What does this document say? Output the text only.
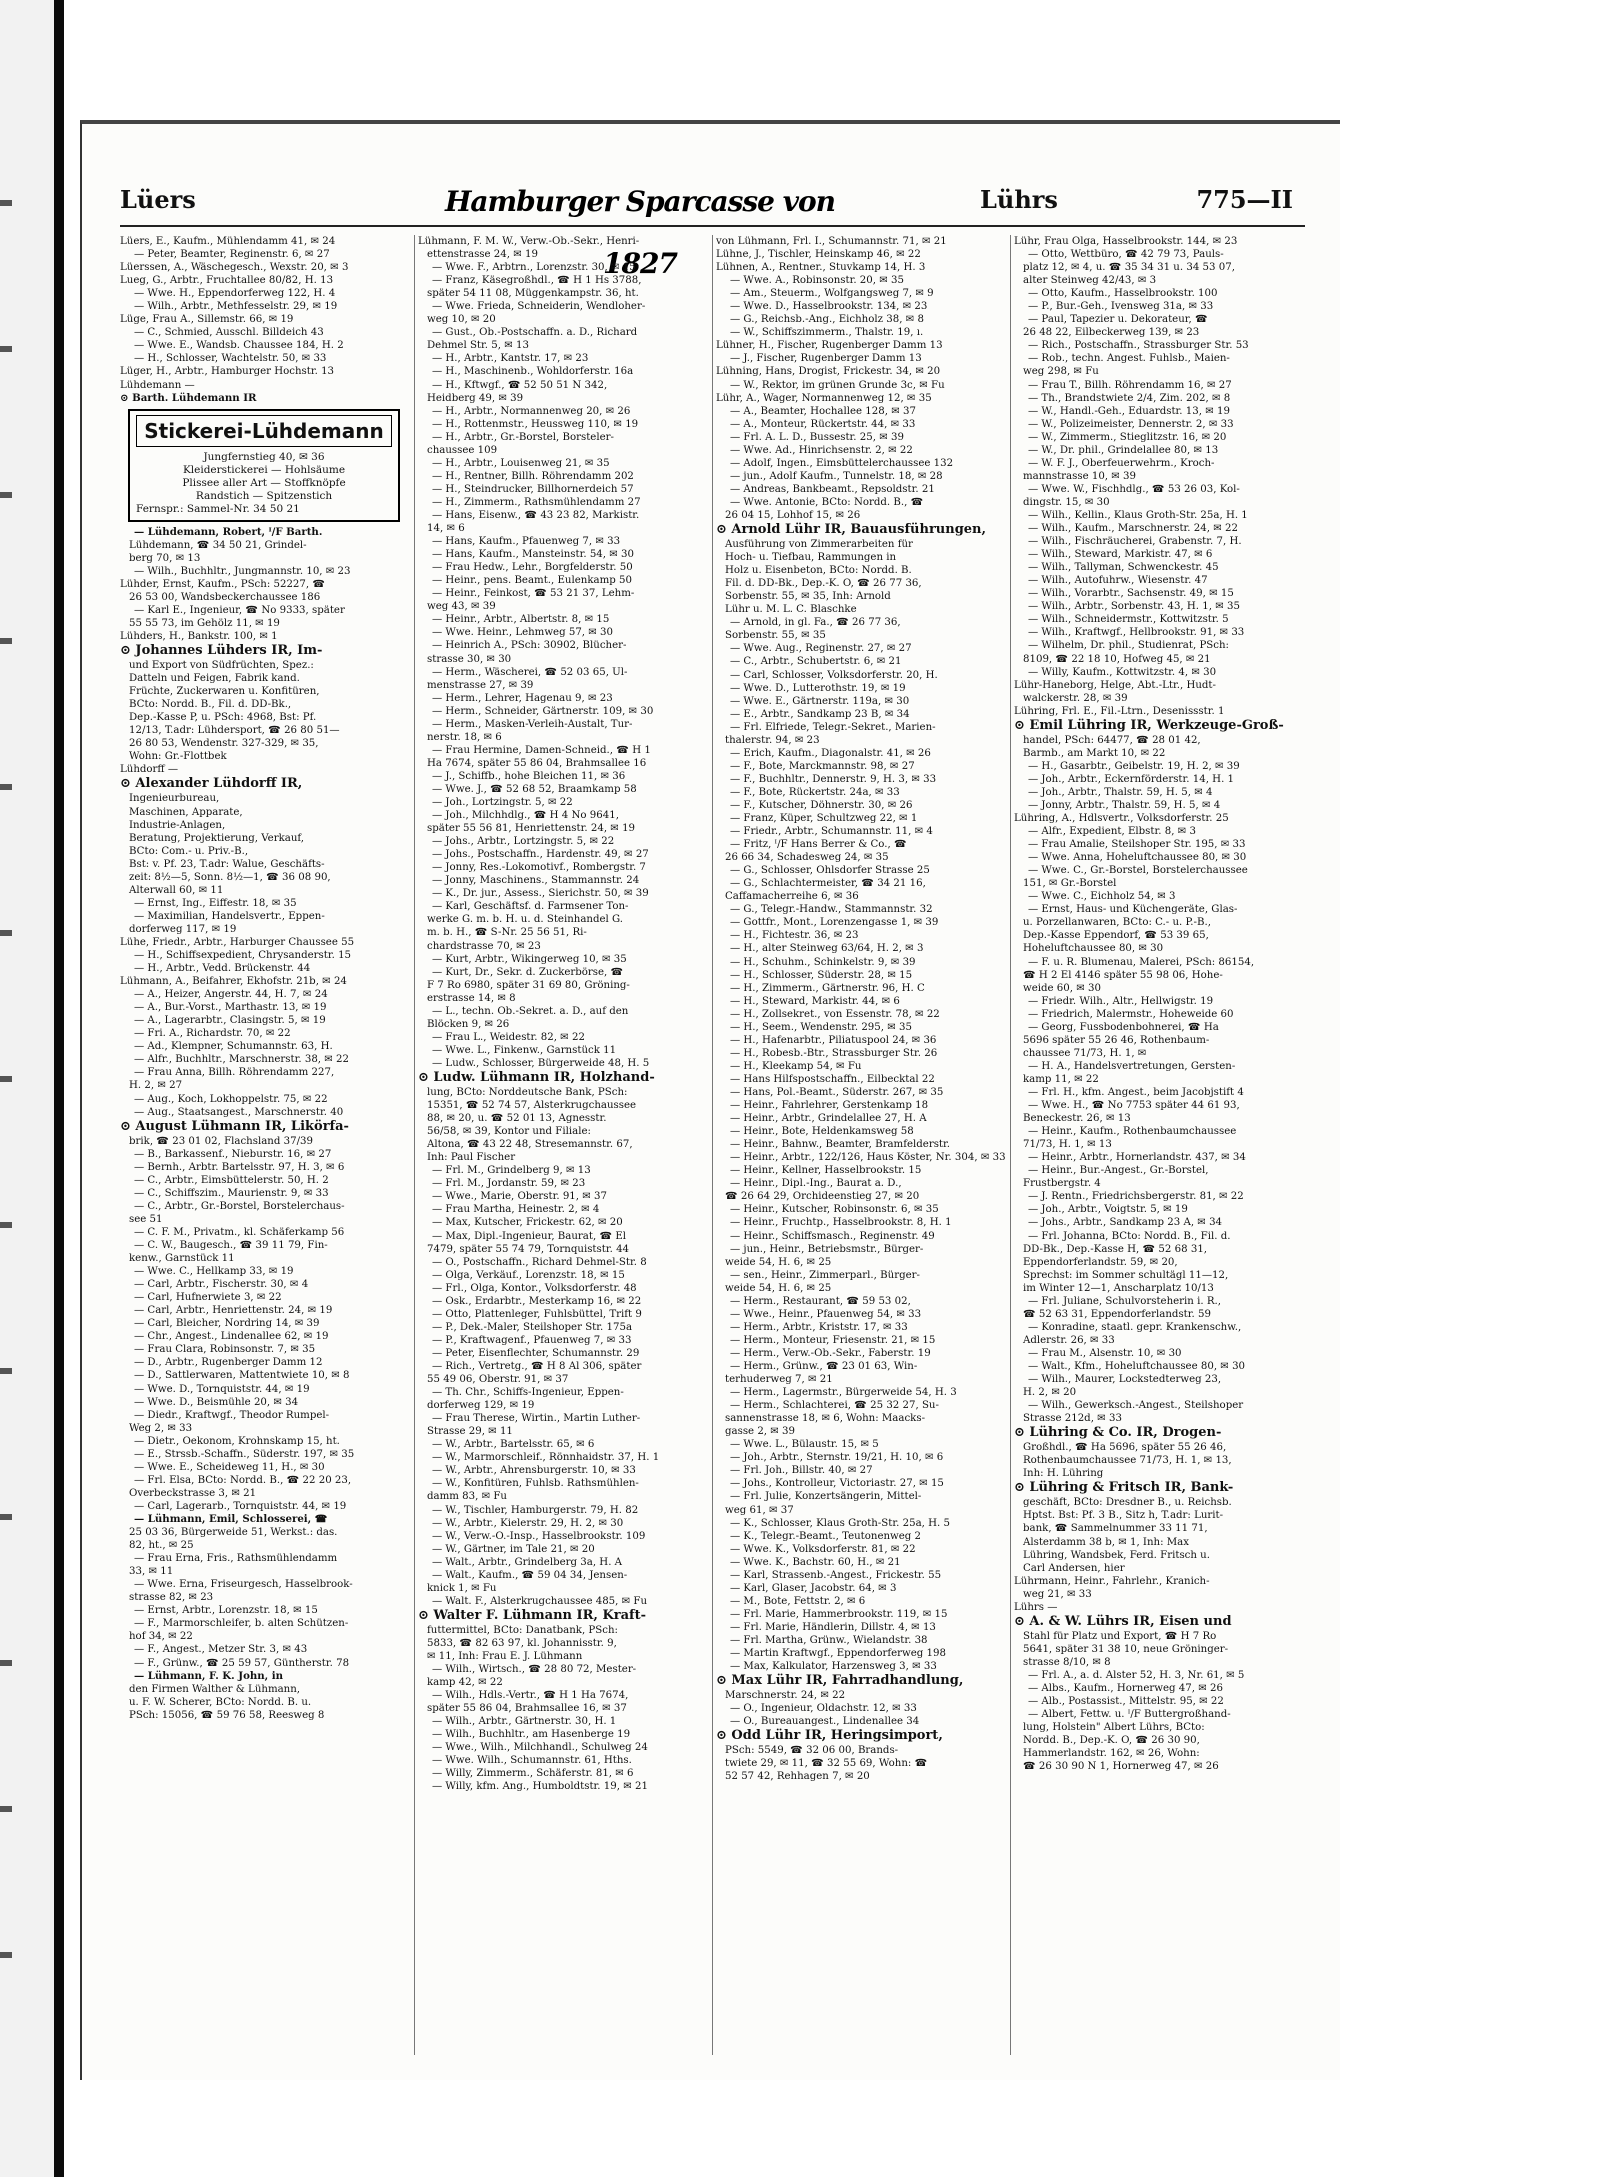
Lüers	Hamburger Sparcasse von 1827
Lührs	775—II
Lüers, E., Kaufm., Mühlendamm 41, ✉ 24
— Peter, Beamter, Reginenstr. 6, ✉ 27
Lüerssen, A., Wäschegesch., Wexstr. 20, ✉ 3
Lueg, G., Arbtr., Fruchtallee 80/82, H. 13
— Wwe. H., Eppendorferweg 122, H. 4
— Wilh., Arbtr., Methfesselstr. 29, ✉ 19
Lüge, Frau A., Sillemstr. 66, ✉ 19
— C., Schmied, Ausschl. Billdeich 43
— Wwe. E., Wandsb. Chaussee 184, H. 2
— H., Schlosser, Wachtelstr. 50, ✉ 33
Lüger, H., Arbtr., Hamburger Hochstr. 13
Lühdemann —
⊙ Barth. Lühdemann IR
Stickerei-Lühdemann
Jungfernstieg 40, ✉ 36
Kleiderstickerei — Hohlsäume
Plissee aller Art — Stoffknöpfe
Randstich — Spitzenstich
Fernspr.: Sammel-Nr. 34 50 21
— Lühdemann, Robert, ᴵ/F Barth.
Lühdemann, ☎ 34 50 21, Grindel-
berg 70, ✉ 13
— Wilh., Buchhltr., Jungmannstr. 10, ✉ 23
Lühder, Ernst, Kaufm., PSch: 52227, ☎
26 53 00, Wandsbeckerchaussee 186
— Karl E., Ingenieur, ☎ No 9333, später
55 55 73, im Gehölz 11, ✉ 19
Lühders, H., Bankstr. 100, ✉ 1
⊙ Johannes Lühders IR, Im-
und Export von Südfrüchten, Spez.:
Datteln und Feigen, Fabrik kand.
Früchte, Zuckerwaren u. Konfitüren,
BCto: Nordd. B., Fil. d. DD-Bk.,
Dep.-Kasse P, u. PSch: 4968, Bst: Pf.
12/13, T.adr: Lühdersport, ☎ 26 80 51—
26 80 53, Wendenstr. 327-329, ✉ 35,
Wohn: Gr.-Flottbek
Lühdorff —
⊙ Alexander Lühdorff IR,
Ingenieurbureau,
Maschinen, Apparate,
Industrie-Anlagen,
Beratung, Projektierung, Verkauf,
BCto: Com.- u. Priv.-B.,
Bst: v. Pf. 23, T.adr: Walue, Geschäfts-
zeit: 8½—5, Sonn. 8½—1, ☎ 36 08 90,
Alterwall 60, ✉ 11
— Ernst, Ing., Eiffestr. 18, ✉ 35
— Maximilian, Handelsvertr., Eppen-
dorferweg 117, ✉ 19
Lühe, Friedr., Arbtr., Harburger Chaussee 55
— H., Schiffsexpedient, Chrysanderstr. 15
— H., Arbtr., Vedd. Brückenstr. 44
Lühmann, A., Beifahrer, Ekhofstr. 21b, ✉ 24
— A., Heizer, Angerstr. 44, H. 7, ✉ 24
— A., Bur.-Vorst., Marthastr. 13, ✉ 19
— A., Lagerarbtr., Clasingstr. 5, ✉ 19
— Fri. A., Richardstr. 70, ✉ 22
— Ad., Klempner, Schumannstr. 63, H.
— Alfr., Buchhltr., Marschnerstr. 38, ✉ 22
— Frau Anna, Billh. Röhrendamm 227,
H. 2, ✉ 27
— Aug., Koch, Lokhoppelstr. 75, ✉ 22
— Aug., Staatsangest., Marschnerstr. 40
⊙ August Lühmann IR, Likörfa-
brik, ☎ 23 01 02, Flachsland 37/39
— B., Barkassenf., Nieburstr. 16, ✉ 27
— Bernh., Arbtr. Bartelsstr. 97, H. 3, ✉ 6
— C., Arbtr., Eimsbüttelerstr. 50, H. 2
— C., Schiffszim., Maurienstr. 9, ✉ 33
— C., Arbtr., Gr.-Borstel, Borstelerchaus-
see 51
— C. F. M., Privatm., kl. Schäferkamp 56
— C. W., Baugesch., ☎ 39 11 79, Fin-
kenw., Garnstück 11
— Wwe. C., Hellkamp 33, ✉ 19
— Carl, Arbtr., Fischerstr. 30, ✉ 4
— Carl, Hufnerwiete 3, ✉ 22
— Carl, Arbtr., Henriettenstr. 24, ✉ 19
— Carl, Bleicher, Nordring 14, ✉ 39
— Chr., Angest., Lindenallee 62, ✉ 19
— Frau Clara, Robinsonstr. 7, ✉ 35
— D., Arbtr., Rugenberger Damm 12
— D., Sattlerwaren, Mattentwiete 10, ✉ 8
— Wwe. D., Tornquiststr. 44, ✉ 19
— Wwe. D., Beismühle 20, ✉ 34
— Diedr., Kraftwgf., Theodor Rumpel-
Weg 2, ✉ 33
— Dietr., Oekonom, Krohnskamp 15, ht.
— E., Strssb.-Schaffn., Süderstr. 197, ✉ 35
— Wwe. E., Scheideweg 11, H., ✉ 30
— Frl. Elsa, BCto: Nordd. B., ☎ 22 20 23,
Overbeckstrasse 3, ✉ 21
— Carl, Lagerarb., Tornquiststr. 44, ✉ 19
— Lühmann, Emil, Schlosserei, ☎
25 03 36, Bürgerweide 51, Werkst.: das.
82, ht., ✉ 25
— Frau Erna, Fris., Rathsmühlendamm
33, ✉ 11
— Wwe. Erna, Friseurgesch, Hasselbrook-
strasse 82, ✉ 23
— Ernst, Arbtr., Lorenzstr. 18, ✉ 15
— F., Marmorschleifer, b. alten Schützen-
hof 34, ✉ 22
— F., Angest., Metzer Str. 3, ✉ 43
— F., Grünw., ☎ 25 59 57, Güntherstr. 78
— Lühmann, F. K. John, in
den Firmen Walther & Lühmann,
u. F. W. Scherer, BCto: Nordd. B. u.
PSch: 15056, ☎ 59 76 58, Reesweg 8
Lühmann, F. M. W., Verw.-Ob.-Sekr., Henri-
ettenstrasse 24, ✉ 19
— Wwe. F., Arbtrn., Lorenzstr. 30, ✉ 15
— Franz, Käsegroßhdl., ☎ H 1 Hs 3788,
später 54 11 08, Müggenkampstr. 36, ht.
— Wwe. Frieda, Schneiderin, Wendloher-
weg 10, ✉ 20
— Gust., Ob.-Postschaffn. a. D., Richard
Dehmel Str. 5, ✉ 13
— H., Arbtr., Kantstr. 17, ✉ 23
— H., Maschinenb., Wohldorferstr. 16a
— H., Kftwgf., ☎ 52 50 51 N 342,
Heidberg 49, ✉ 39
— H., Arbtr., Normannenweg 20, ✉ 26
— H., Rottenmstr., Heussweg 110, ✉ 19
— H., Arbtr., Gr.-Borstel, Borsteler-
chaussee 109
— H., Arbtr., Louisenweg 21, ✉ 35
— H., Rentner, Billh. Röhrendamm 202
— H., Steindrucker, Billhornerdeich 57
— H., Zimmerm., Rathsmühlendamm 27
— Hans, Eisenw., ☎ 43 23 82, Markistr.
14, ✉ 6
— Hans, Kaufm., Pfauenweg 7, ✉ 33
— Hans, Kaufm., Mansteinstr. 54, ✉ 30
— Frau Hedw., Lehr., Borgfelderstr. 50
— Heinr., pens. Beamt., Eulenkamp 50
— Heinr., Feinkost, ☎ 53 21 37, Lehm-
weg 43, ✉ 39
— Heinr., Arbtr., Albertstr. 8, ✉ 15
— Wwe. Heinr., Lehmweg 57, ✉ 30
— Heinrich A., PSch: 30902, Blücher-
strasse 30, ✉ 30
— Herm., Wäscherei, ☎ 52 03 65, Ul-
menstrasse 27, ✉ 39
— Herm., Lehrer, Hagenau 9, ✉ 23
— Herm., Schneider, Gärtnerstr. 109, ✉ 30
— Herm., Masken-Verleih-Austalt, Tur-
nerstr. 18, ✉ 6
— Frau Hermine, Damen-Schneid., ☎ H 1
Ha 7674, später 55 86 04, Brahmsallee 16
— J., Schiffb., hohe Bleichen 11, ✉ 36
— Wwe. J., ☎ 52 68 52, Braamkamp 58
— Joh., Lortzingstr. 5, ✉ 22
— Joh., Milchhdlg., ☎ H 4 No 9641,
später 55 56 81, Henriettenstr. 24, ✉ 19
— Johs., Arbtr., Lortzingstr. 5, ✉ 22
— Johs., Postschaffn., Hardenstr. 49, ✉ 27
— Jonny, Res.-Lokomotivf., Rombergstr. 7
— Jonny, Maschinens., Stammannstr. 24
— K., Dr. jur., Assess., Sierichstr. 50, ✉ 39
— Karl, Geschäftsf. d. Farmsener Ton-
werke G. m. b. H. u. d. Steinhandel G.
m. b. H., ☎ S-Nr. 25 56 51, Ri-
chardstrasse 70, ✉ 23
— Kurt, Arbtr., Wikingerweg 10, ✉ 35
— Kurt, Dr., Sekr. d. Zuckerbörse, ☎
F 7 Ro 6980, später 31 69 80, Gröning-
erstrasse 14, ✉ 8
— L., techn. Ob.-Sekret. a. D., auf den
Blöcken 9, ✉ 26
— Frau L., Weidestr. 82, ✉ 22
— Wwe. L., Finkenw., Garnstück 11
— Ludw., Schlosser, Bürgerweide 48, H. 5
⊙ Ludw. Lühmann IR, Holzhand-
lung, BCto: Norddeutsche Bank, PSch:
15351, ☎ 52 74 57, Alsterkrugchaussee
88, ✉ 20, u. ☎ 52 01 13, Agnesstr.
56/58, ✉ 39, Kontor und Filiale:
Altona, ☎ 43 22 48, Stresemannstr. 67,
Inh: Paul Fischer
— Frl. M., Grindelberg 9, ✉ 13
— Frl. M., Jordanstr. 59, ✉ 23
— Wwe., Marie, Oberstr. 91, ✉ 37
— Frau Martha, Heinestr. 2, ✉ 4
— Max, Kutscher, Frickestr. 62, ✉ 20
— Max, Dipl.-Ingenieur, Baurat, ☎ El
7479, später 55 74 79, Tornquiststr. 44
— O., Postschaffn., Richard Dehmel-Str. 8
— Olga, Verkäuf., Lorenzstr. 18, ✉ 15
— Frl., Olga, Kontor., Volksdorferstr. 48
— Osk., Erdarbtr., Mesterkamp 16, ✉ 22
— Otto, Plattenleger, Fuhlsbüttel, Trift 9
— P., Dek.-Maler, Steilshoper Str. 175a
— P., Kraftwagenf., Pfauenweg 7, ✉ 33
— Peter, Eisenflechter, Schumannstr. 29
— Rich., Vertretg., ☎ H 8 Al 306, später
55 49 06, Oberstr. 91, ✉ 37
— Th. Chr., Schiffs-Ingenieur, Eppen-
dorferweg 129, ✉ 19
— Frau Therese, Wirtin., Martin Luther-
Strasse 29, ✉ 11
— W., Arbtr., Bartelsstr. 65, ✉ 6
— W., Marmorschleif., Rönnhaidstr. 37, H. 1
— W., Arbtr., Ahrensburgerstr. 10, ✉ 33
— W., Konfitüren, Fuhlsb. Rathsmühlen-
damm 83, ✉ Fu
— W., Tischler, Hamburgerstr. 79, H. 82
— W., Arbtr., Kielerstr. 29, H. 2, ✉ 30
— W., Verw.-O.-Insp., Hasselbrookstr. 109
— W., Gärtner, im Tale 21, ✉ 20
— Walt., Arbtr., Grindelberg 3a, H. A
— Walt., Kaufm., ☎ 59 04 34, Jensen-
knick 1, ✉ Fu
— Walt. F., Alsterkrugchaussee 485, ✉ Fu
⊙ Walter F. Lühmann IR, Kraft-
futtermittel, BCto: Danatbank, PSch:
5833, ☎ 82 63 97, kl. Johannisstr. 9,
✉ 11, Inh: Frau E. J. Lühmann
— Wilh., Wirtsch., ☎ 28 80 72, Mester-
kamp 42, ✉ 22
— Wilh., Hdls.-Vertr., ☎ H 1 Ha 7674,
später 55 86 04, Brahmsallee 16, ✉ 37
— Wilh., Arbtr., Gärtnerstr. 30, H. 1
— Wilh., Buchhltr., am Hasenberge 19
— Wwe., Wilh., Milchhandl., Schulweg 24
— Wwe. Wilh., Schumannstr. 61, Hths.
— Willy, Zimmerm., Schäferstr. 81, ✉ 6
— Willy, kfm. Ang., Humboldtstr. 19, ✉ 21
von Lühmann, Frl. I., Schumannstr. 71, ✉ 21
Lühne, J., Tischler, Heinskamp 46, ✉ 22
Lühnen, A., Rentner., Stuvkamp 14, H. 3
— Wwe. A., Robinsonstr. 20, ✉ 35
— Am., Steuerm., Wolfgangsweg 7, ✉ 9
— Wwe. D., Hasselbrookstr. 134, ✉ 23
— G., Reichsb.-Ang., Eichholz 38, ✉ 8
— W., Schiffszimmerm., Thalstr. 19, ı.
Lühner, H., Fischer, Rugenberger Damm 13
— J., Fischer, Rugenberger Damm 13
Lühning, Hans, Drogist, Frickestr. 34, ✉ 20
— W., Rektor, im grünen Grunde 3c, ✉ Fu
Lühr, A., Wager, Normannenweg 12, ✉ 35
— A., Beamter, Hochallee 128, ✉ 37
— A., Monteur, Rückertstr. 44, ✉ 33
— Frl. A. L. D., Bussestr. 25, ✉ 39
— Wwe. Ad., Hinrichsenstr. 2, ✉ 22
— Adolf, Ingen., Eimsbüttelerchaussee 132
— jun., Adolf Kaufm., Tunnelstr. 18, ✉ 28
— Andreas, Bankbeamt., Repsoldstr. 21
— Wwe. Antonie, BCto: Nordd. B., ☎
26 04 15, Lohhof 15, ✉ 26
⊙ Arnold Lühr IR, Bauausführungen,
Ausführung von Zimmerarbeiten für
Hoch- u. Tiefbau, Rammungen in
Holz u. Eisenbeton, BCto: Nordd. B.
Fil. d. DD-Bk., Dep.-K. O, ☎ 26 77 36,
Sorbenstr. 55, ✉ 35, Inh: Arnold
Lühr u. M. L. C. Blaschke
— Arnold, in gl. Fa., ☎ 26 77 36,
Sorbenstr. 55, ✉ 35
— Wwe. Aug., Reginenstr. 27, ✉ 27
— C., Arbtr., Schubertstr. 6, ✉ 21
— Carl, Schlosser, Volksdorferstr. 20, H.
— Wwe. D., Lutterothstr. 19, ✉ 19
— Wwe. E., Gärtnerstr. 119a, ✉ 30
— E., Arbtr., Sandkamp 23 B, ✉ 34
— Frl. Elfriede, Telegr.-Sekret., Marien-
thalerstr. 94, ✉ 23
— Erich, Kaufm., Diagonalstr. 41, ✉ 26
— F., Bote, Marckmannstr. 98, ✉ 27
— F., Buchhltr., Dennerstr. 9, H. 3, ✉ 33
— F., Bote, Rückertstr. 24a, ✉ 33
— F., Kutscher, Döhnerstr. 30, ✉ 26
— Franz, Küper, Schultzweg 22, ✉ 1
— Friedr., Arbtr., Schumannstr. 11, ✉ 4
— Fritz, ᴵ/F Hans Berrer & Co., ☎
26 66 34, Schadesweg 24, ✉ 35
— G., Schlosser, Ohlsdorfer Strasse 25
— G., Schlachtermeister, ☎ 34 21 16,
Caffamacherreihe 6, ✉ 36
— G., Telegr.-Handw., Stammannstr. 32
— Gottfr., Mont., Lorenzengasse 1, ✉ 39
— H., Fichtestr. 36, ✉ 23
— H., alter Steinweg 63/64, H. 2, ✉ 3
— H., Schuhm., Schinkelstr. 9, ✉ 39
— H., Schlosser, Süderstr. 28, ✉ 15
— H., Zimmerm., Gärtnerstr. 96, H. C
— H., Steward, Markistr. 44, ✉ 6
— H., Zollsekret., von Essenstr. 78, ✉ 22
— H., Seem., Wendenstr. 295, ✉ 35
— H., Hafenarbtr., Piliatuspool 24, ✉ 36
— H., Robesb.-Btr., Strassburger Str. 26
— H., Kleekamp 54, ✉ Fu
— Hans Hilfspostschaffn., Eilbecktal 22
— Hans, Pol.-Beamt., Süderstr. 267, ✉ 35
— Heinr., Fahrlehrer, Gerstenkamp 18
— Heinr., Arbtr., Grindelallee 27, H. A
— Heinr., Bote, Heldenkamsweg 58
— Heinr., Bahnw., Beamter, Bramfelderstr.
— Heinr., Arbtr., 122/126, Haus Köster, Nr. 304, ✉ 33
— Heinr., Kellner, Hasselbrookstr. 15
— Heinr., Dipl.-Ing., Baurat a. D.,
☎ 26 64 29, Orchideenstieg 27, ✉ 20
— Heinr., Kutscher, Robinsonstr. 6, ✉ 35
— Heinr., Fruchtp., Hasselbrookstr. 8, H. 1
— Heinr., Schiffsmasch., Reginenstr. 49
— jun., Heinr., Betriebsmstr., Bürger-
weide 54, H. 6, ✉ 25
— sen., Heinr., Zimmerparl., Bürger-
weide 54, H. 6, ✉ 25
— Herm., Restaurant, ☎ 59 53 02,
— Wwe., Heinr., Pfauenweg 54, ✉ 33
— Herm., Arbtr., Kriststr. 17, ✉ 33
— Herm., Monteur, Friesenstr. 21, ✉ 15
— Herm., Verw.-Ob.-Sekr., Faberstr. 19
— Herm., Grünw., ☎ 23 01 63, Win-
terhuderweg 7, ✉ 21
— Herm., Lagermstr., Bürgerweide 54, H. 3
— Herm., Schlachterei, ☎ 25 32 27, Su-
sannenstrasse 18, ✉ 6, Wohn: Maacks-
gasse 2, ✉ 39
— Wwe. L., Bülaustr. 15, ✉ 5
— Joh., Arbtr., Sternstr. 19/21, H. 10, ✉ 6
— Frl. Joh., Billstr. 40, ✉ 27
— Johs., Kontrolleur, Victoriastr. 27, ✉ 15
— Frl. Julie, Konzertsängerin, Mittel-
weg 61, ✉ 37
— K., Schlosser, Klaus Groth-Str. 25a, H. 5
— K., Telegr.-Beamt., Teutonenweg 2
— Wwe. K., Volksdorferstr. 81, ✉ 22
— Wwe. K., Bachstr. 60, H., ✉ 21
— Karl, Strassenb.-Angest., Frickestr. 55
— Karl, Glaser, Jacobstr. 64, ✉ 3
— M., Bote, Fettstr. 2, ✉ 6
— Frl. Marie, Hammerbrookstr. 119, ✉ 15
— Frl. Marie, Händlerin, Dillstr. 4, ✉ 13
— Frl. Martha, Grünw., Wielandstr. 38
— Martin Kraftwgf., Eppendorferweg 198
— Max, Kalkulator, Harzensweg 3, ✉ 33
⊙ Max Lühr IR, Fahrradhandlung,
Marschnerstr. 24, ✉ 22
— O., Ingenieur, Oldachstr. 12, ✉ 33
— O., Bureauangest., Lindenallee 34
⊙ Odd Lühr IR, Heringsimport,
PSch: 5549, ☎ 32 06 00, Brands-
twiete 29, ✉ 11, ☎ 32 55 69, Wohn: ☎
52 57 42, Rehhagen 7, ✉ 20
Lühr, Frau Olga, Hasselbrookstr. 144, ✉ 23
— Otto, Wettbüro, ☎ 42 79 73, Pauls-
platz 12, ✉ 4, u. ☎ 35 34 31 u. 34 53 07,
alter Steinweg 42/43, ✉ 3
— Otto, Kaufm., Hasselbrookstr. 100
— P., Bur.-Geh., Ivensweg 31a, ✉ 33
— Paul, Tapezier u. Dekorateur, ☎
26 48 22, Eilbeckerweg 139, ✉ 23
— Rich., Postschaffn., Strassburger Str. 53
— Rob., techn. Angest. Fuhlsb., Maien-
weg 298, ✉ Fu
— Frau T., Billh. Röhrendamm 16, ✉ 27
— Th., Brandstwiete 2/4, Zim. 202, ✉ 8
— W., Handl.-Geh., Eduardstr. 13, ✉ 19
— W., Polizeimeister, Dennerstr. 2, ✉ 33
— W., Zimmerm., Stieglitzstr. 16, ✉ 20
— W., Dr. phil., Grindelallee 80, ✉ 13
— W. F. J., Oberfeuerwehrm., Kroch-
mannstrasse 10, ✉ 39
— Wwe. W., Fischhdlg., ☎ 53 26 03, Kol-
dingstr. 15, ✉ 30
— Wilh., Kellin., Klaus Groth-Str. 25a, H. 1
— Wilh., Kaufm., Marschnerstr. 24, ✉ 22
— Wilh., Fischräucherei, Grabenstr. 7, H.
— Wilh., Steward, Markistr. 47, ✉ 6
— Wilh., Tallyman, Schwenckestr. 45
— Wilh., Autofuhrw., Wiesenstr. 47
— Wilh., Vorarbtr., Sachsenstr. 49, ✉ 15
— Wilh., Arbtr., Sorbenstr. 43, H. 1, ✉ 35
— Wilh., Schneidermstr., Kottwitzstr. 5
— Wilh., Kraftwgf., Hellbrookstr. 91, ✉ 33
— Wilhelm, Dr. phil., Studienrat, PSch:
8109, ☎ 22 18 10, Hofweg 45, ✉ 21
— Willy, Kaufm., Kottwitzstr. 4, ✉ 30
Lühr-Haneborg, Helge, Abt.-Ltr., Hudt-
walckerstr. 28, ✉ 39
Lühring, Frl. E., Fil.-Ltrn., Desenissstr. 1
⊙ Emil Lühring IR, Werkzeuge-Groß-
handel, PSch: 64477, ☎ 28 01 42,
Barmb., am Markt 10, ✉ 22
— H., Gasarbtr., Geibelstr. 19, H. 2, ✉ 39
— Joh., Arbtr., Eckernförderstr. 14, H. 1
— Joh., Arbtr., Thalstr. 59, H. 5, ✉ 4
— Jonny, Arbtr., Thalstr. 59, H. 5, ✉ 4
Lühring, A., Hdlsvertr., Volksdorferstr. 25
— Alfr., Expedient, Elbstr. 8, ✉ 3
— Frau Amalie, Steilshoper Str. 195, ✉ 33
— Wwe. Anna, Hoheluftchaussee 80, ✉ 30
— Wwe. C., Gr.-Borstel, Borstelerchaussee
151, ✉ Gr.-Borstel
— Wwe. C., Eichholz 54, ✉ 3
— Ernst, Haus- und Küchengeräte, Glas-
u. Porzellanwaren, BCto: C.- u. P.-B.,
Dep.-Kasse Eppendorf, ☎ 53 39 65,
Hoheluftchaussee 80, ✉ 30
— F. u. R. Blumenau, Malerei, PSch: 86154,
☎ H 2 El 4146 später 55 98 06, Hohe-
weide 60, ✉ 30
— Friedr. Wilh., Altr., Hellwigstr. 19
— Friedrich, Malermstr., Hoheweide 60
— Georg, Fussbodenbohnerei, ☎ Ha
5696 später 55 26 46, Rothenbaum-
chaussee 71/73, H. 1, ✉
— H. A., Handelsvertretungen, Gersten-
kamp 11, ✉ 22
— Frl. H., kfm. Angest., beim Jacobjstift 4
— Wwe. H., ☎ No 7753 später 44 61 93,
Beneckestr. 26, ✉ 13
— Heinr., Kaufm., Rothenbaumchaussee
71/73, H. 1, ✉ 13
— Heinr., Arbtr., Hornerlandstr. 437, ✉ 34
— Heinr., Bur.-Angest., Gr.-Borstel,
Frustbergstr. 4
— J. Rentn., Friedrichsbergerstr. 81, ✉ 22
— Joh., Arbtr., Voigtstr. 5, ✉ 19
— Johs., Arbtr., Sandkamp 23 A, ✉ 34
— Frl. Johanna, BCto: Nordd. B., Fil. d.
DD-Bk., Dep.-Kasse H, ☎ 52 68 31,
Eppendorferlandstr. 59, ✉ 20,
Sprechst: im Sommer schultägl 11—12,
im Winter 12—1, Anscharplatz 10/13
— Frl. Juliane, Schulvorsteherin i. R.,
☎ 52 63 31, Eppendorferlandstr. 59
— Konradine, staatl. gepr. Krankenschw.,
Adlerstr. 26, ✉ 33
— Frau M., Alsenstr. 10, ✉ 30
— Walt., Kfm., Hoheluftchaussee 80, ✉ 30
— Wilh., Maurer, Lockstedterweg 23,
H. 2, ✉ 20
— Wilh., Gewerksch.-Angest., Steilshoper
Strasse 212d, ✉ 33
⊙ Lühring & Co. IR, Drogen-
Großhdl., ☎ Ha 5696, später 55 26 46,
Rothenbaumchaussee 71/73, H. 1, ✉ 13,
Inh: H. Lühring
⊙ Lühring & Fritsch IR, Bank-
geschäft, BCto: Dresdner B., u. Reichsb.
Hptst. Bst: Pf. 3 B., Sitz h, T.adr: Lurit-
bank, ☎ Sammelnummer 33 11 71,
Alsterdamm 38 b, ✉ 1, Inh: Max
Lühring, Wandsbek, Ferd. Fritsch u.
Carl Andersen, hier
Lührmann, Heinr., Fahrlehr., Kranich-
weg 21, ✉ 33
Lührs —
⊙ A. & W. Lührs IR, Eisen und
Stahl für Platz und Export, ☎ H 7 Ro
5641, später 31 38 10, neue Gröninger-
strasse 8/10, ✉ 8
— Frl. A., a. d. Alster 52, H. 3, Nr. 61, ✉ 5
— Albs., Kaufm., Hornerweg 47, ✉ 26
— Alb., Postassist., Mittelstr. 95, ✉ 22
— Albert, Fettw. u. ᴵ/F Buttergroßhand-
lung, Holstein" Albert Lührs, BCto:
Nordd. B., Dep.-K. O, ☎ 26 30 90,
Hammerlandstr. 162, ✉ 26, Wohn:
☎ 26 30 90 N 1, Hornerweg 47, ✉ 26
